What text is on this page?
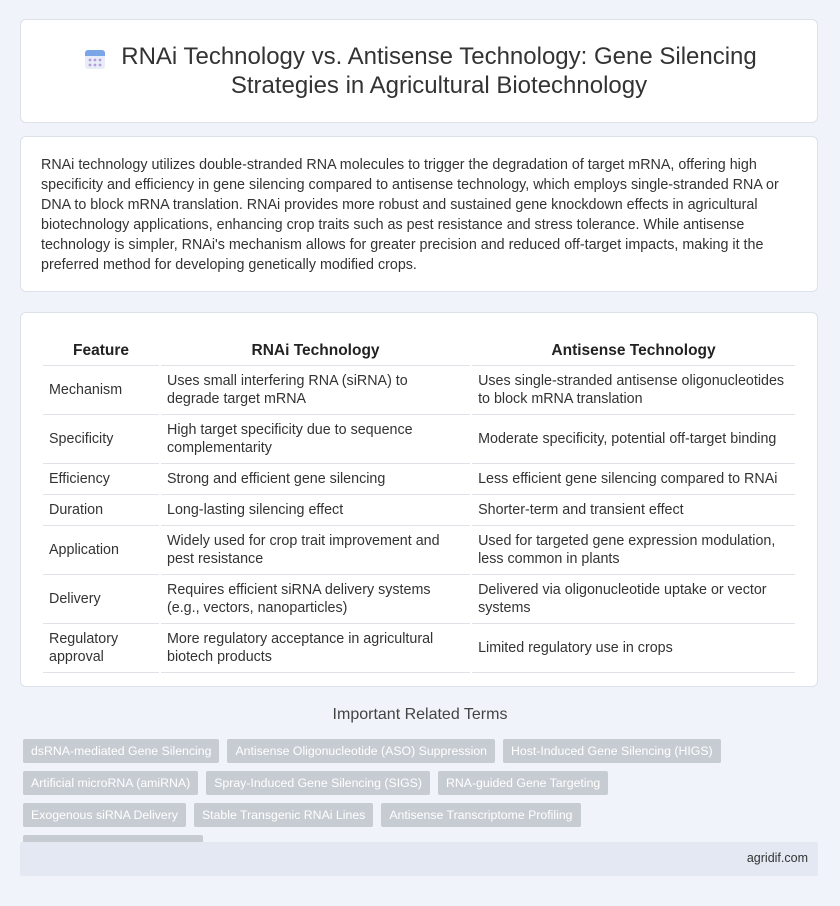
RNAi Technology vs. Antisense Technology: Gene Silencing Strategies in Agricultural Biotechnology

RNAi technology utilizes double-stranded RNA molecules to trigger the degradation of target mRNA, offering high specificity and efficiency in gene silencing compared to antisense technology, which employs single-stranded RNA or DNA to block mRNA translation. RNAi provides more robust and sustained gene knockdown effects in agricultural biotechnology applications, enhancing crop traits such as pest resistance and stress tolerance. While antisense technology is simpler, RNAi's mechanism allows for greater precision and reduced off-target impacts, making it the preferred method for developing genetically modified crops.

Feature	RNAi Technology	Antisense Technology
Mechanism	Uses small interfering RNA (siRNA) to degrade target mRNA	Uses single-stranded antisense oligonucleotides to block mRNA translation
Specificity	High target specificity due to sequence complementarity	Moderate specificity, potential off-target binding
Efficiency	Strong and efficient gene silencing	Less efficient gene silencing compared to RNAi
Duration	Long-lasting silencing effect	Shorter-term and transient effect
Application	Widely used for crop trait improvement and pest resistance	Used for targeted gene expression modulation, less common in plants
Delivery	Requires efficient siRNA delivery systems (e.g., vectors, nanoparticles)	Delivered via oligonucleotide uptake or vector systems
Regulatory approval	More regulatory acceptance in agricultural biotech products	Limited regulatory use in crops
Important Related Terms
dsRNA-mediated Gene Silencing	Antisense Oligonucleotide (ASO) Suppression	Host-Induced Gene Silencing (HIGS)
Artificial microRNA (amiRNA)	Spray-Induced Gene Silencing (SIGS)	RNA-guided Gene Targeting
Exogenous siRNA Delivery	Stable Transgenic RNAi Lines	Antisense Transcriptome Profiling
agridif.com
